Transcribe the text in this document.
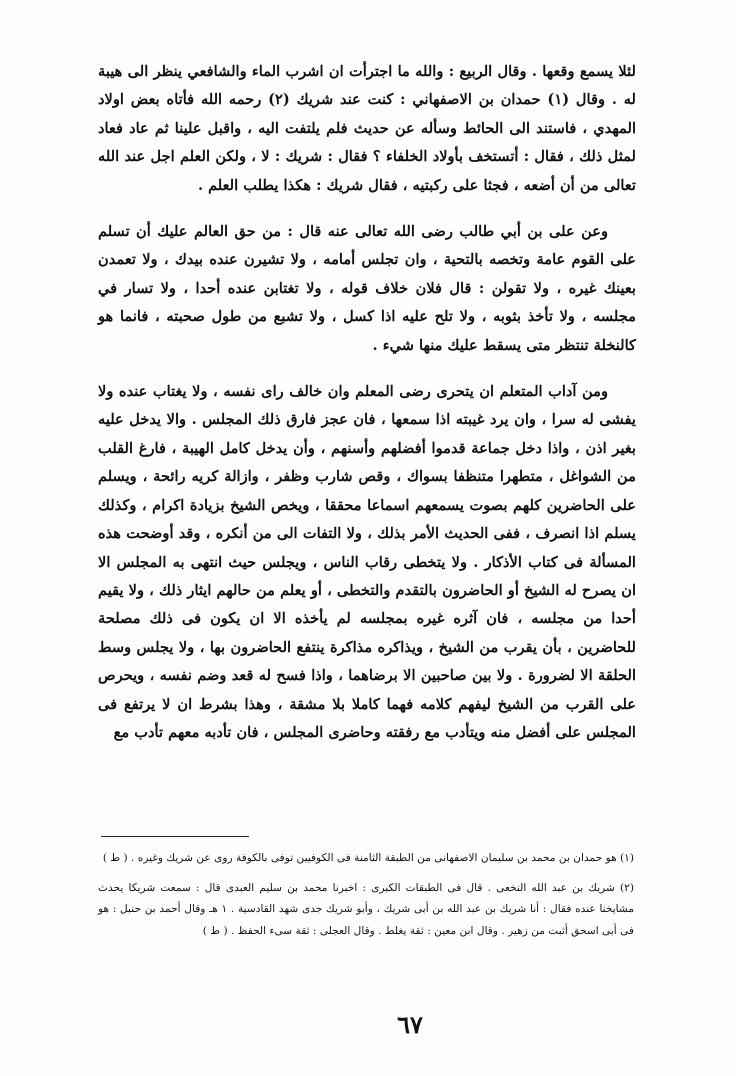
لئلا يسمع وقعها . وقال الربيع : والله ما اجترأت ان اشرب الماء والشافعي ينظر الى هيبة له . وقال (١) حمدان بن الاصفهاني : كنت عند شريك (٢) رحمه الله فأتاه بعض اولاد المهدي ، فاستند الى الحائط وسأله عن حديث فلم يلتفت اليه ، واقبل علينا ثم عاد فعاد لمثل ذلك ، فقال : أتستخف بأولاد الخلفاء ؟ فقال : شريك : لا ، ولكن العلم اجل عند الله تعالى من أن أضعه ، فجثا على ركبتيه ، فقال شريك : هكذا يطلب العلم .

وعن على بن أبي طالب رضى الله تعالى عنه قال : من حق العالم عليك أن تسلم على القوم عامة وتخصه بالتحية ، وان تجلس أمامه ، ولا تشيرن عنده بيدك ، ولا تعمدن بعينك غيره ، ولا تقولن : قال فلان خلاف قوله ، ولا تغتابن عنده أحدا ، ولا تسار في مجلسه ، ولا تأخذ بثوبه ، ولا تلح عليه اذا كسل ، ولا تشبع من طول صحبته ، فانما هو كالنخلة تنتظر متى يسقط عليك منها شيء .

ومن آداب المتعلم ان يتحرى رضى المعلم وان خالف راى نفسه ، ولا يغتاب عنده ولا يفشى له سرا ، وان يرد غيبته اذا سمعها ، فان عجز فارق ذلك المجلس . والا يدخل عليه بغير اذن ، واذا دخل جماعة قدموا أفضلهم وأسنهم ، وأن يدخل كامل الهيبة ، فارغ القلب من الشواغل ، متطهرا متنظفا بسواك ، وقص شارب وظفر ، وازالة كريه رائحة ، ويسلم على الحاضرين كلهم بصوت يسمعهم اسماعا محققا ، ويخص الشيخ بزيادة اكرام ، وكذلك يسلم اذا انصرف ، ففى الحديث الأمر بذلك ، ولا التفات الى من أنكره ، وقد أوضحت هذه المسألة فى كتاب الأذكار . ولا يتخطى رقاب الناس ، ويجلس حيث انتهى به المجلس الا ان يصرح له الشيخ أو الحاضرون بالتقدم والتخطى ، أو يعلم من حالهم ايثار ذلك ، ولا يقيم أحدا من مجلسه ، فان آثره غيره بمجلسه لم يأخذه الا ان يكون فى ذلك مصلحة للحاضرين ، بأن يقرب من الشيخ ، ويذاكره مذاكرة ينتفع الحاضرون بها ، ولا يجلس وسط الحلقة الا لضرورة . ولا بين صاحبين الا برضاهما ، واذا فسح له قعد وضم نفسه ، ويحرص على القرب من الشيخ ليفهم كلامه فهما كاملا بلا مشقة ، وهذا بشرط ان لا يرتفع فى المجلس على أفضل منه ويتأدب مع رفقته وحاضرى المجلس ، فان تأدبه معهم تأدب مع

(١) هو حمدان بن محمد بن سليمان الاصفهانى من الطبقة الثامنة فى الكوفيين توفى بالكوفة روى عن شريك وغيره . ( ط )

(٢) شريك بن عبد الله النخعى . قال فى الطبقات الكبرى : اخبرنا محمد بن سليم العبدى قال : سمعت شريكا يحدث مشايخنا عنده فقال : أنا شريك بن عبد الله بن أبى شريك ، وأبو شريك جدى شهد القادسية . ١ هـ وقال أحمد بن حنبل : هو فى أبى اسحق أثبت من زهير . وقال ابن معين : ثقة يغلط . وقال العجلى : ثقة سىء الحفظ . ( ط )

٦٧
